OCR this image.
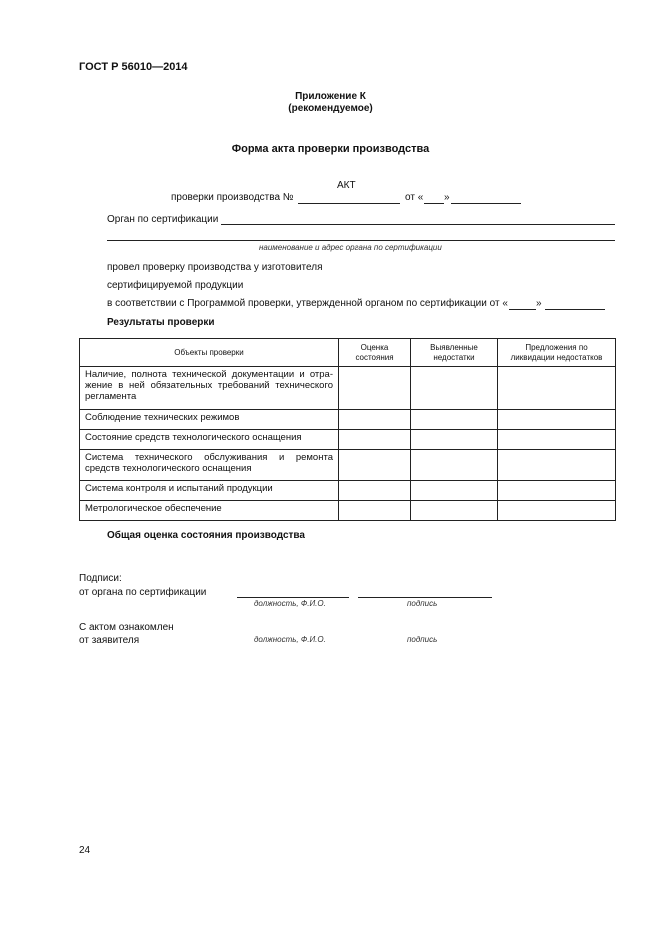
ГОСТ Р 56010—2014
Приложение К
(рекомендуемое)
Форма акта проверки производства
АКТ
проверки производства №	от « »
Орган по сертификации
наименование и адрес органа по сертификации
провел проверку производства у изготовителя
сертифицируемой продукции
в соответствии с Программой проверки, утвержденной органом по сертификации от «	»
Результаты проверки
Объекты проверки	Оценка состояния	Выявленные недостатки	Предложения по ликвидации недостатков
Наличие, полнота технической документации и отра-жение в ней обязательных требований технического регламента			
Соблюдение технических режимов			
Состояние средств технологического оснащения			
Система технического обслуживания и ремонта средств технологического оснащения			
Система контроля и испытаний продукции			
Метрологическое обеспечение			
Общая оценка состояния производства
Подписи:
от органа по сертификации
должность, Ф.И.О.	подпись
С актом ознакомлен
от заявителя	должность, Ф.И.О.	подпись
24
